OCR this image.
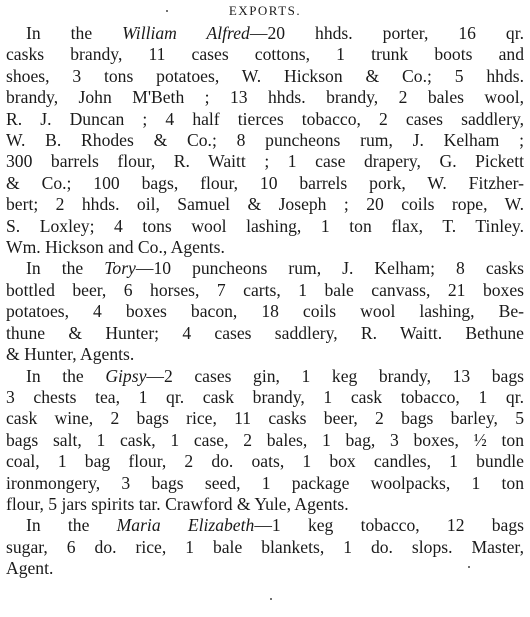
EXPORTS.
In the William Alfred—20 hhds. porter, 16 qr.
casks brandy, 11 cases cottons, 1 trunk boots and
shoes, 3 tons potatoes, W. Hickson & Co.; 5 hhds.
brandy, John M'Beth ; 13 hhds. brandy, 2 bales wool,
R. J. Duncan ; 4 half tierces tobacco, 2 cases saddlery,
W. B. Rhodes & Co.; 8 puncheons rum, J. Kelham ;
300 barrels flour, R. Waitt ; 1 case drapery, G. Pickett
& Co.; 100 bags, flour, 10 barrels pork, W. Fitzher-
bert; 2 hhds. oil, Samuel & Joseph ; 20 coils rope, W.
S. Loxley; 4 tons wool lashing, 1 ton flax, T. Tinley.
Wm. Hickson and Co., Agents.
In the Tory—10 puncheons rum, J. Kelham; 8 casks
bottled beer, 6 horses, 7 carts, 1 bale canvass, 21 boxes
potatoes, 4 boxes bacon, 18 coils wool lashing, Be-
thune & Hunter; 4 cases saddlery, R. Waitt. Bethune
& Hunter, Agents.
In the Gipsy—2 cases gin, 1 keg brandy, 13 bags
3 chests tea, 1 qr. cask brandy, 1 cask tobacco, 1 qr.
cask wine, 2 bags rice, 11 casks beer, 2 bags barley, 5
bags salt, 1 cask, 1 case, 2 bales, 1 bag, 3 boxes, ½ ton
coal, 1 bag flour, 2 do. oats, 1 box candles, 1 bundle
ironmongery, 3 bags seed, 1 package woolpacks, 1 ton
flour, 5 jars spirits tar. Crawford & Yule, Agents.
In the Maria Elizabeth—1 keg tobacco, 12 bags
sugar, 6 do. rice, 1 bale blankets, 1 do. slops. Master,
Agent.
